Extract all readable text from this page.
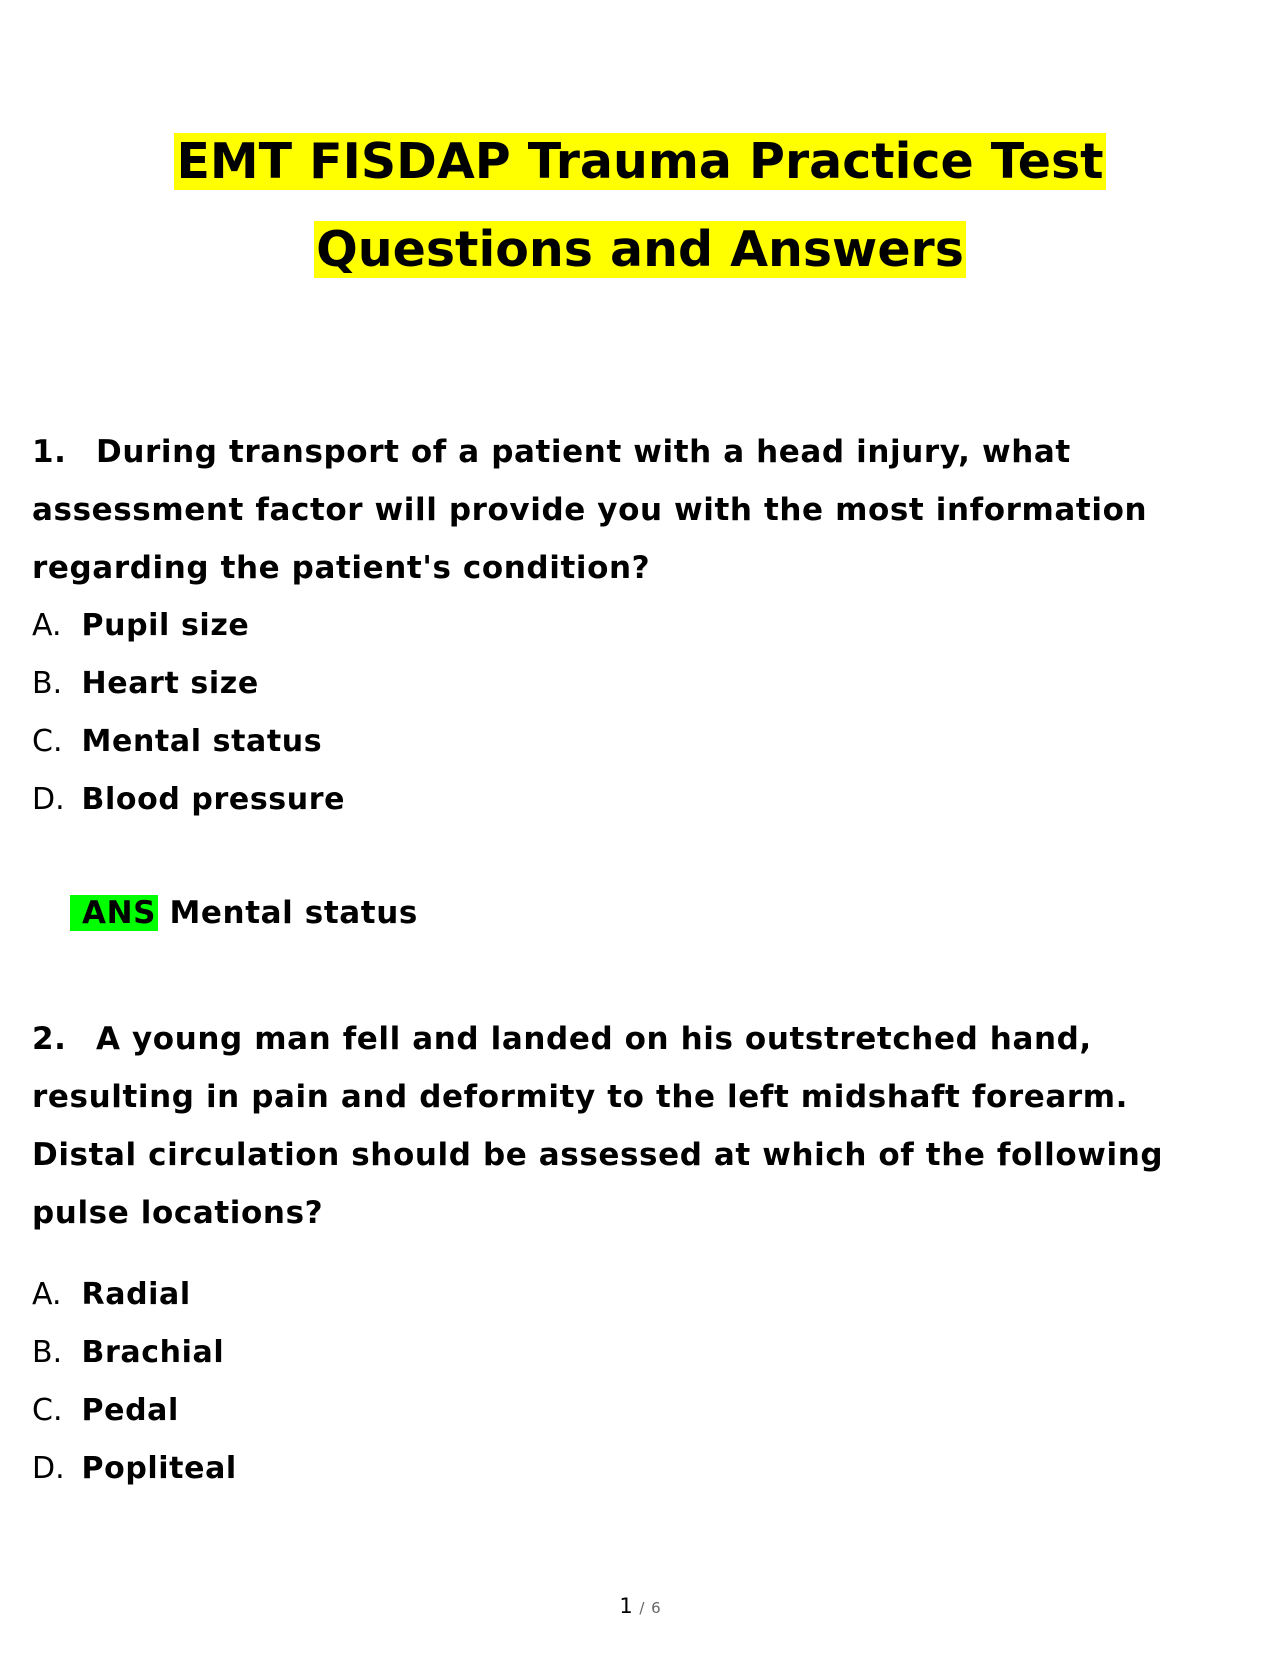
EMT FISDAP Trauma Practice Test
Questions and Answers

1. During transport of a patient with a head injury, what assessment factor will provide you with the most information regarding the patient's condition?

A. Pupil size
B. Heart size
C. Mental status
D. Blood pressure
ANS Mental status

2. A young man fell and landed on his outstretched hand, resulting in pain and deformity to the left midshaft forearm. Distal circulation should be assessed at which of the following pulse locations?

A. Radial
B. Brachial
C. Pedal
D. Popliteal
1 / 6
